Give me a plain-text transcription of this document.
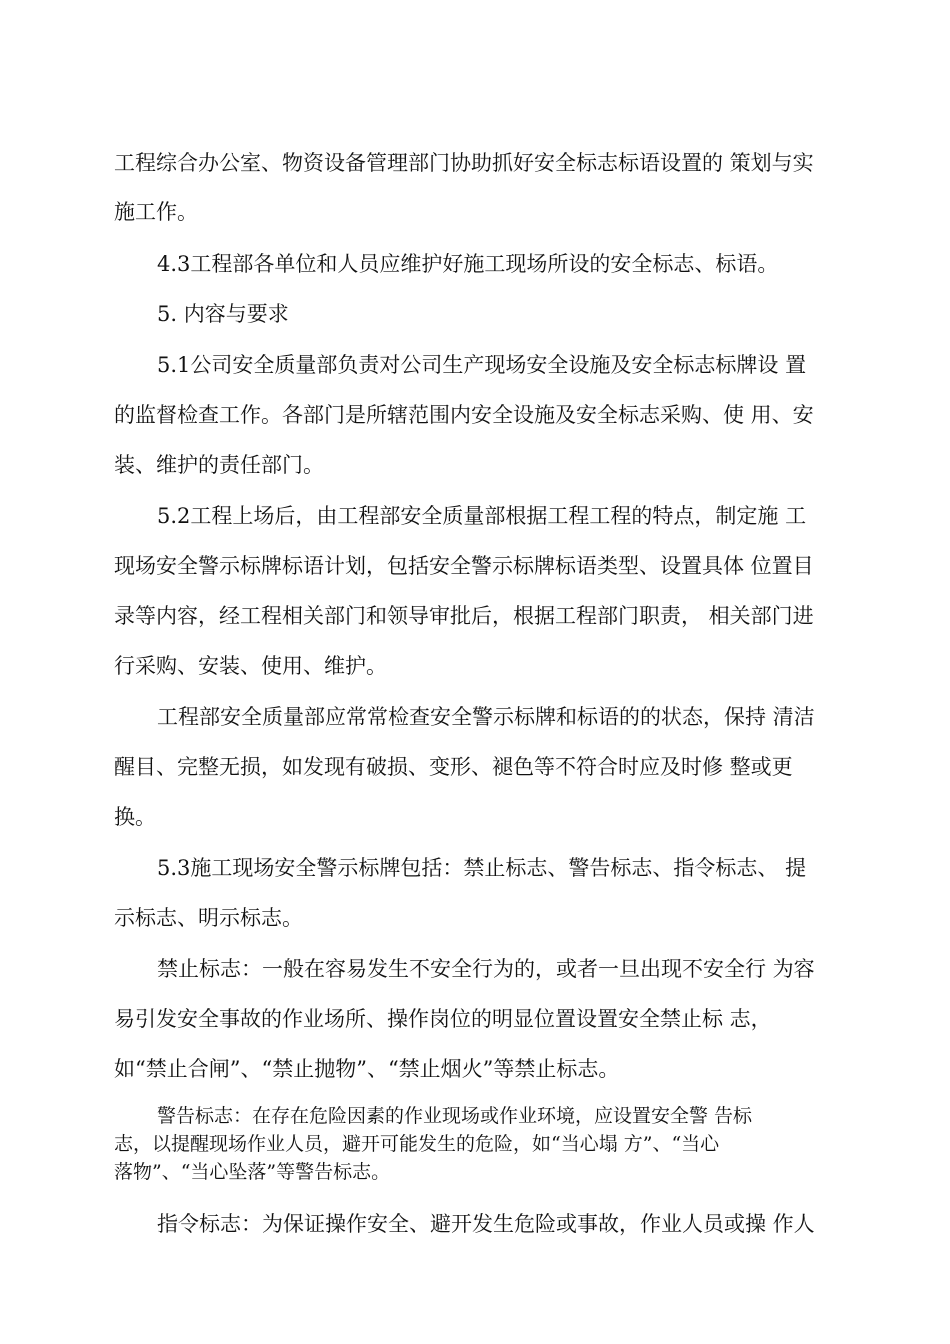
工程综合办公室、物资设备管理部门协助抓好安全标志标语设置的 策划与实
施工作。
4.3工程部各单位和人员应维护好施工现场所设的安全标志、标语。
5. 内容与要求
5.1公司安全质量部负责对公司生产现场安全设施及安全标志标牌设 置
的监督检查工作。各部门是所辖范围内安全设施及安全标志采购、使 用、安
装、维护的责任部门。
5.2工程上场后，由工程部安全质量部根据工程工程的特点，制定施 工
现场安全警示标牌标语计划，包括安全警示标牌标语类型、设置具体 位置目
录等内容，经工程相关部门和领导审批后，根据工程部门职责， 相关部门进
行采购、安装、使用、维护。
工程部安全质量部应常常检查安全警示标牌和标语的的状态，保持 清洁
醒目、完整无损，如发现有破损、变形、褪色等不符合时应及时修 整或更
换。
5.3施工现场安全警示标牌包括：禁止标志、警告标志、指令标志、 提
示标志、明示标志。
禁止标志：一般在容易发生不安全行为的，或者一旦出现不安全行 为容
易引发安全事故的作业场所、操作岗位的明显位置设置安全禁止标 志，
如“禁止合闸”、“禁止抛物”、“禁止烟火”等禁止标志。
警告标志：在存在危险因素的作业现场或作业环境，应设置安全警 告标
志，以提醒现场作业人员，避开可能发生的危险，如“当心塌 方”、“当心
落物”、“当心坠落”等警告标志。
指令标志：为保证操作安全、避开发生危险或事故，作业人员或操 作人
